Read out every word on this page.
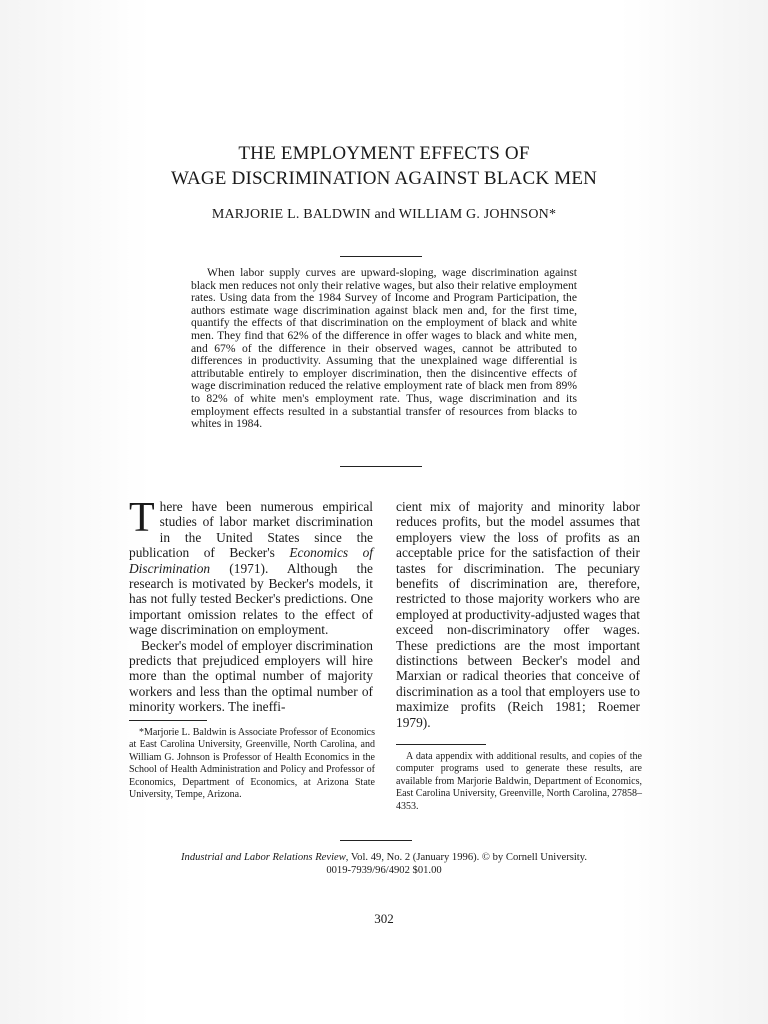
THE EMPLOYMENT EFFECTS OF
WAGE DISCRIMINATION AGAINST BLACK MEN
MARJORIE L. BALDWIN and WILLIAM G. JOHNSON*

When labor supply curves are upward-sloping, wage discrimination against black men reduces not only their relative wages, but also their relative employment rates. Using data from the 1984 Survey of Income and Program Participation, the authors estimate wage discrimination against black men and, for the first time, quantify the effects of that discrimination on the employment of black and white men. They find that 62% of the difference in offer wages to black and white men, and 67% of the difference in their observed wages, cannot be attributed to differences in productivity. Assuming that the unexplained wage differential is attributable entirely to employer discrimination, then the disincentive effects of wage discrimination reduced the relative employment rate of black men from 89% to 82% of white men's employment rate. Thus, wage discrimination and its employment effects resulted in a substantial transfer of resources from blacks to whites in 1984.

There have been numerous empirical studies of labor market discrimination in the United States since the publication of Becker's Economics of Discrimination (1971). Although the research is motivated by Becker's models, it has not fully tested Becker's predictions. One important omission relates to the effect of wage discrimination on employment.

Becker's model of employer discrimination predicts that prejudiced employers will hire more than the optimal number of majority workers and less than the optimal number of minority workers. The ineffi-

cient mix of majority and minority labor reduces profits, but the model assumes that employers view the loss of profits as an acceptable price for the satisfaction of their tastes for discrimination. The pecuniary benefits of discrimination are, therefore, restricted to those majority workers who are employed at productivity-adjusted wages that exceed non-discriminatory offer wages. These predictions are the most important distinctions between Becker's model and Marxian or radical theories that conceive of discrimination as a tool that employers use to maximize profits (Reich 1981; Roemer 1979).

*Marjorie L. Baldwin is Associate Professor of Economics at East Carolina University, Greenville, North Carolina, and William G. Johnson is Professor of Health Economics in the School of Health Administration and Policy and Professor of Economics, Department of Economics, at Arizona State University, Tempe, Arizona.

A data appendix with additional results, and copies of the computer programs used to generate these results, are available from Marjorie Baldwin, Department of Economics, East Carolina University, Greenville, North Carolina, 27858–4353.

Industrial and Labor Relations Review, Vol. 49, No. 2 (January 1996). © by Cornell University.
0019-7939/96/4902 $01.00

302
